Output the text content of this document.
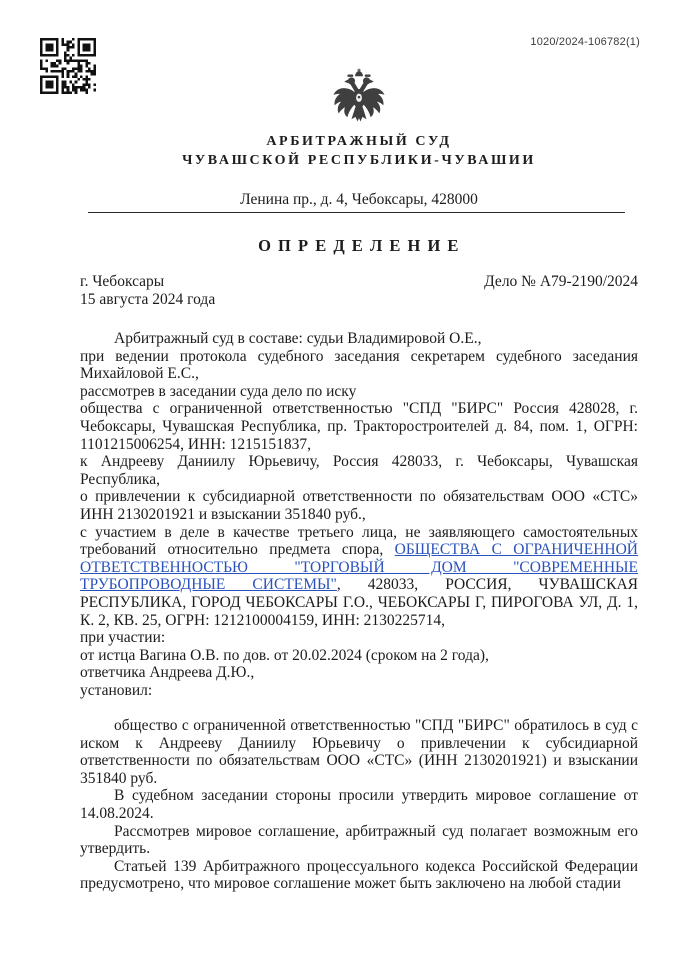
1020/2024-106782(1)
АРБИТРАЖНЫЙ СУД
ЧУВАШСКОЙ РЕСПУБЛИКИ-ЧУВАШИИ
Ленина пр., д. 4, Чебоксары, 428000
О П Р Е Д Е Л Е Н И Е
г. Чебоксары
15 августа 2024 года
Дело № А79-2190/2024

Арбитражный суд в составе: судьи Владимировой О.Е.,

при ведении протокола судебного заседания секретарем судебного заседания Михайловой Е.С.,

рассмотрев в заседании суда дело по иску

общества с ограниченной ответственностью "СПД "БИРС" Россия 428028, г. Чебоксары, Чувашская Республика, пр. Тракторостроителей д. 84, пом. 1, ОГРН: 1101215006254, ИНН: 1215151837,

к Андрееву Даниилу Юрьевичу, Россия 428033, г. Чебоксары, Чувашская Республика,

о привлечении к субсидиарной ответственности по обязательствам ООО «СТС» ИНН 2130201921 и взыскании 351840 руб.,

с участием в деле в качестве третьего лица, не заявляющего самостоятельных требований относительно предмета спора, ОБЩЕСТВА С ОГРАНИЧЕННОЙ ОТВЕТСТВЕННОСТЬЮ "ТОРГОВЫЙ ДОМ "СОВРЕМЕННЫЕ ТРУБОПРОВОДНЫЕ СИСТЕМЫ", 428033, РОССИЯ, ЧУВАШСКАЯ РЕСПУБЛИКА, ГОРОД ЧЕБОКСАРЫ Г.О., ЧЕБОКСАРЫ Г, ПИРОГОВА УЛ, Д. 1, К. 2, КВ. 25, ОГРН: 1212100004159, ИНН: 2130225714,

при участии:

от истца Вагина О.В. по дов. от 20.02.2024 (сроком на 2 года),

ответчика Андреева Д.Ю.,

установил:

общество с ограниченной ответственностью "СПД "БИРС" обратилось в суд с иском к Андрееву Даниилу Юрьевичу о привлечении к субсидиарной ответственности по обязательствам ООО «СТС» (ИНН 2130201921) и взыскании 351840 руб.

В судебном заседании стороны просили утвердить мировое соглашение от 14.08.2024.

Рассмотрев мировое соглашение, арбитражный суд полагает возможным его утвердить.

Статьей 139 Арбитражного процессуального кодекса Российской Федерации предусмотрено, что мировое соглашение может быть заключено на любой стадии
